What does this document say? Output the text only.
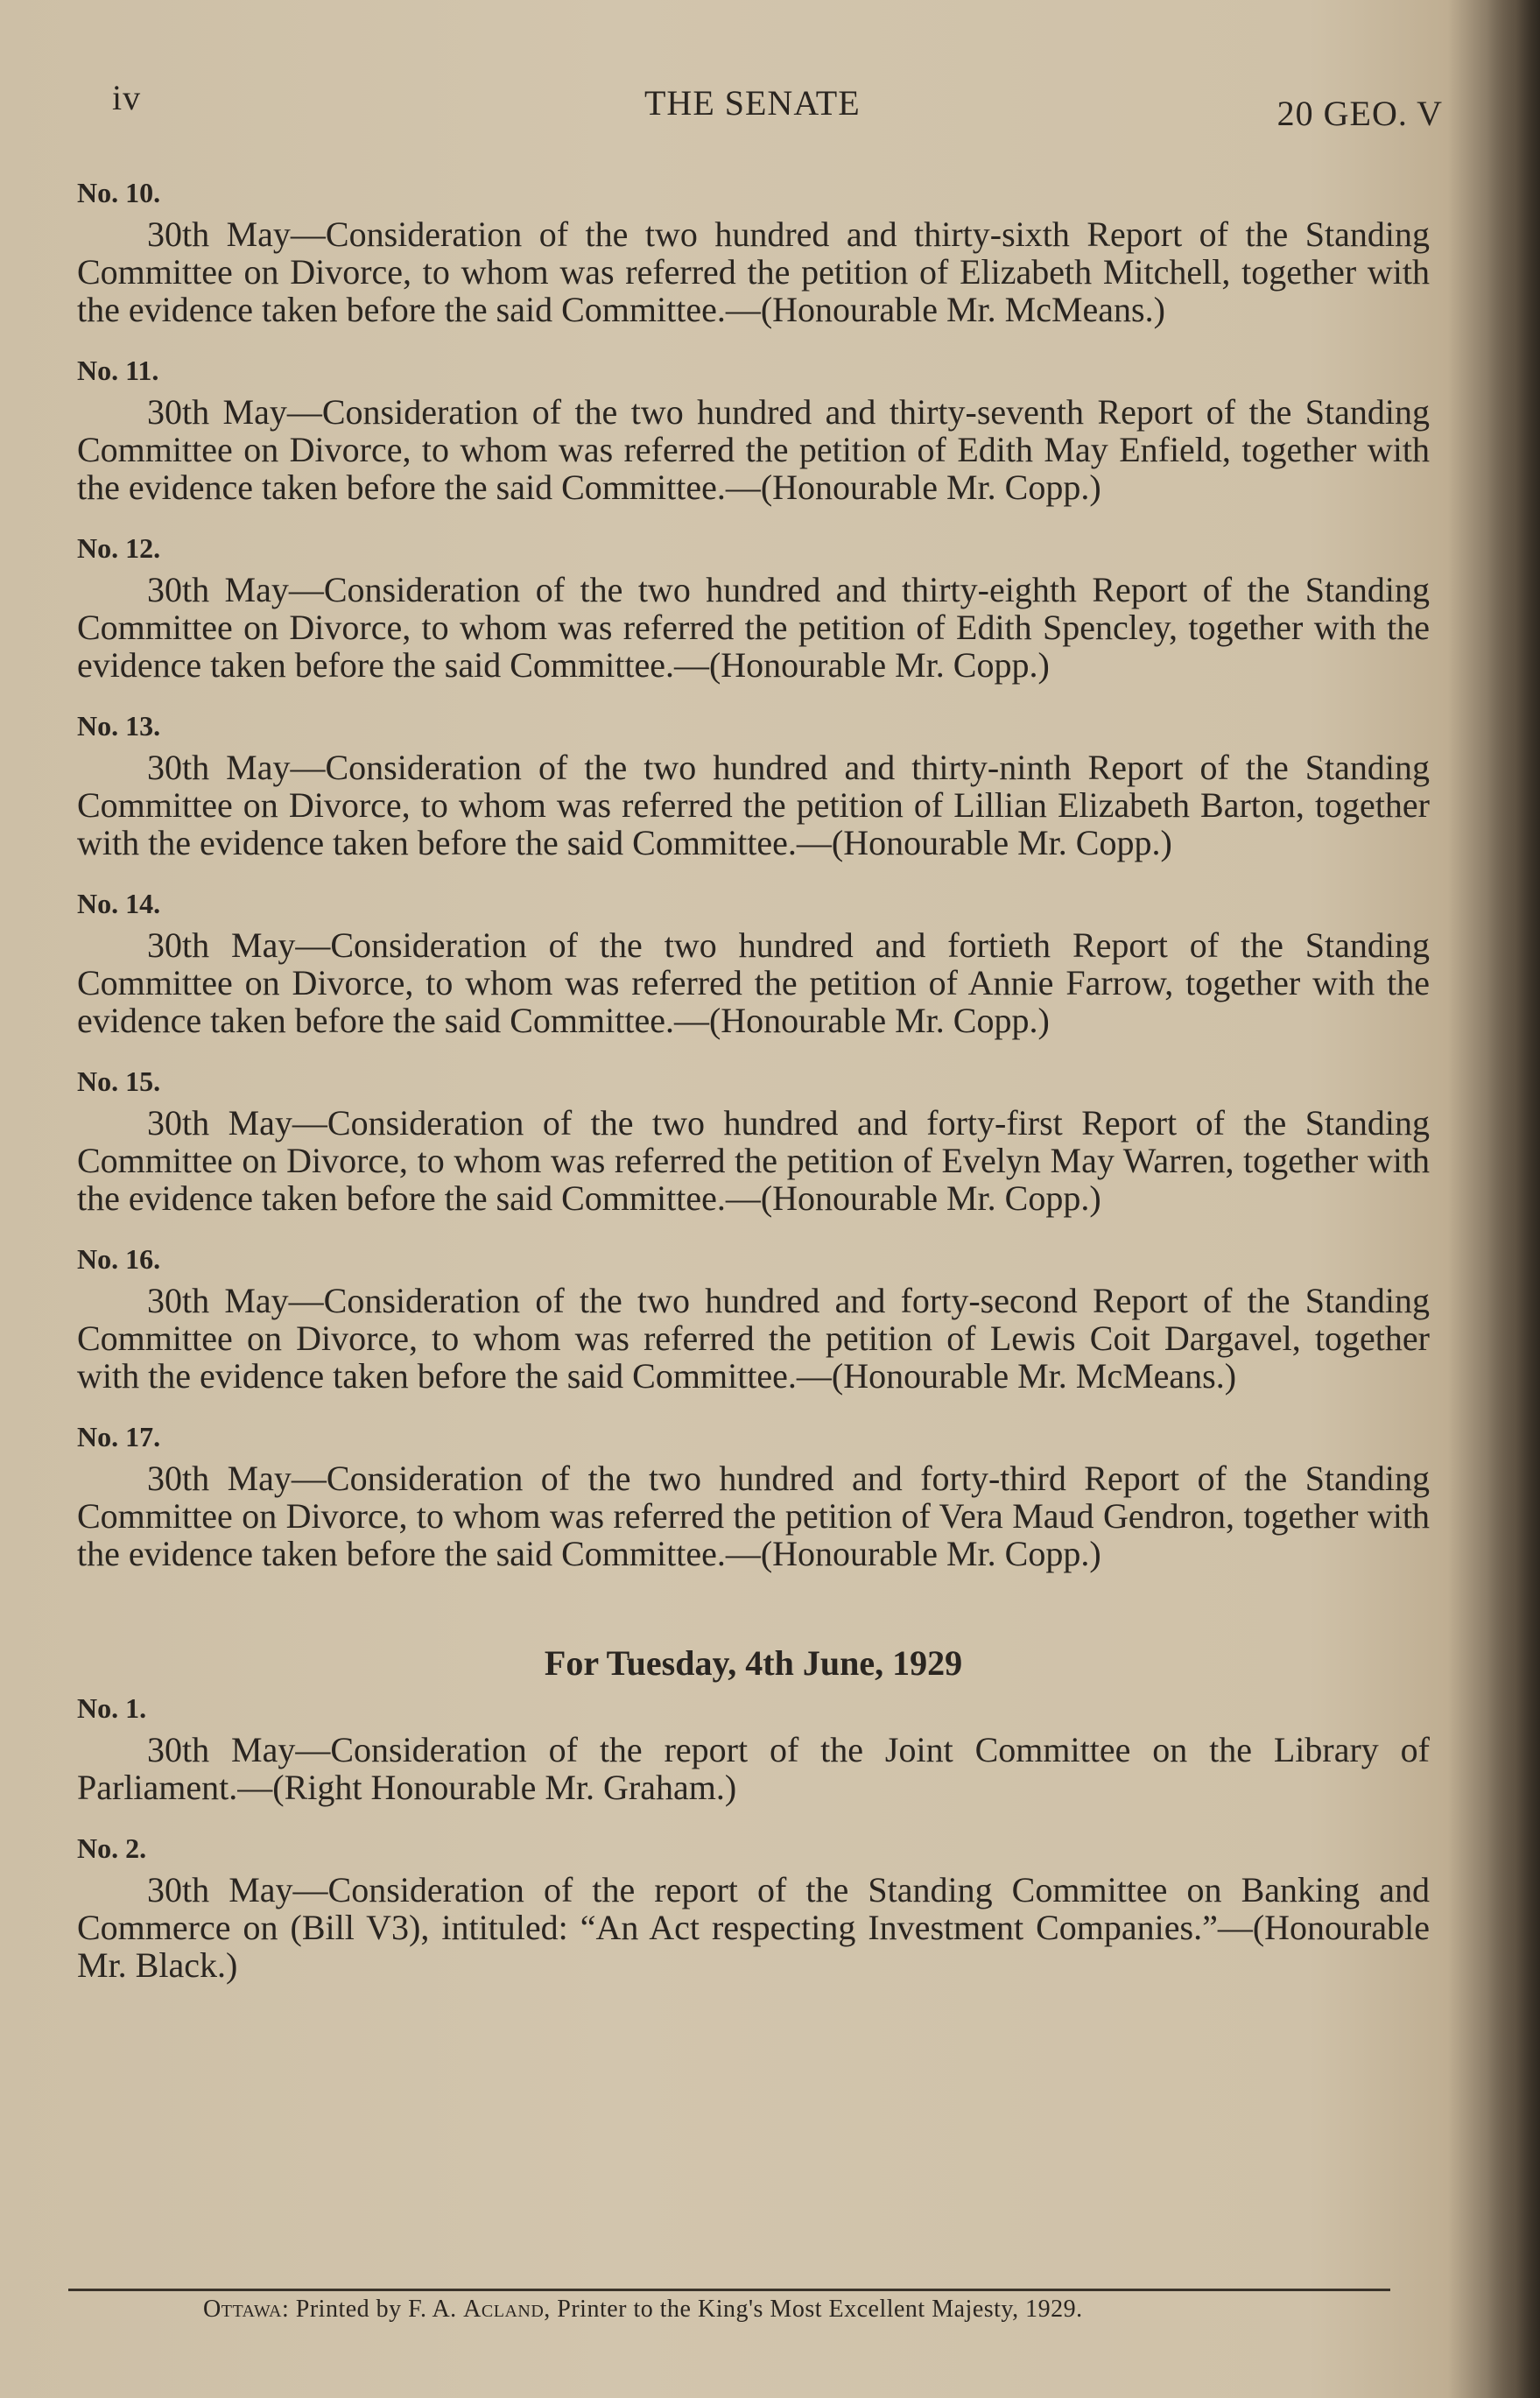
iv	THE SENATE	20 GEO. V
No. 10.
30th May—Consideration of the two hundred and thirty-sixth Report of the Standing Committee on Divorce, to whom was referred the petition of Elizabeth Mitchell, together with the evidence taken before the said Committee.—(Honourable Mr. McMeans.)
No. 11.
30th May—Consideration of the two hundred and thirty-seventh Report of the Standing Committee on Divorce, to whom was referred the petition of Edith May Enfield, together with the evidence taken before the said Committee.—(Honourable Mr. Copp.)
No. 12.
30th May—Consideration of the two hundred and thirty-eighth Report of the Standing Committee on Divorce, to whom was referred the petition of Edith Spencley, together with the evidence taken before the said Committee.—(Honourable Mr. Copp.)
No. 13.
30th May—Consideration of the two hundred and thirty-ninth Report of the Standing Committee on Divorce, to whom was referred the petition of Lillian Elizabeth Barton, together with the evidence taken before the said Committee.—(Honourable Mr. Copp.)
No. 14.
30th May—Consideration of the two hundred and fortieth Report of the Standing Committee on Divorce, to whom was referred the petition of Annie Farrow, together with the evidence taken before the said Committee.—(Honourable Mr. Copp.)
No. 15.
30th May—Consideration of the two hundred and forty-first Report of the Standing Committee on Divorce, to whom was referred the petition of Evelyn May Warren, together with the evidence taken before the said Committee.—(Honourable Mr. Copp.)
No. 16.
30th May—Consideration of the two hundred and forty-second Report of the Standing Committee on Divorce, to whom was referred the petition of Lewis Coit Dargavel, together with the evidence taken before the said Committee.—(Honourable Mr. McMeans.)
No. 17.
30th May—Consideration of the two hundred and forty-third Report of the Standing Committee on Divorce, to whom was referred the petition of Vera Maud Gendron, together with the evidence taken before the said Committee.—(Honourable Mr. Copp.)
For Tuesday, 4th June, 1929
No. 1.
30th May—Consideration of the report of the Joint Committee on the Library of Parliament.—(Right Honourable Mr. Graham.)
No. 2.
30th May—Consideration of the report of the Standing Committee on Banking and Commerce on (Bill V3), intituled: “An Act respecting Investment Companies.”—(Honourable Mr. Black.)
Ottawa: Printed by F. A. Acland, Printer to the King's Most Excellent Majesty, 1929.
